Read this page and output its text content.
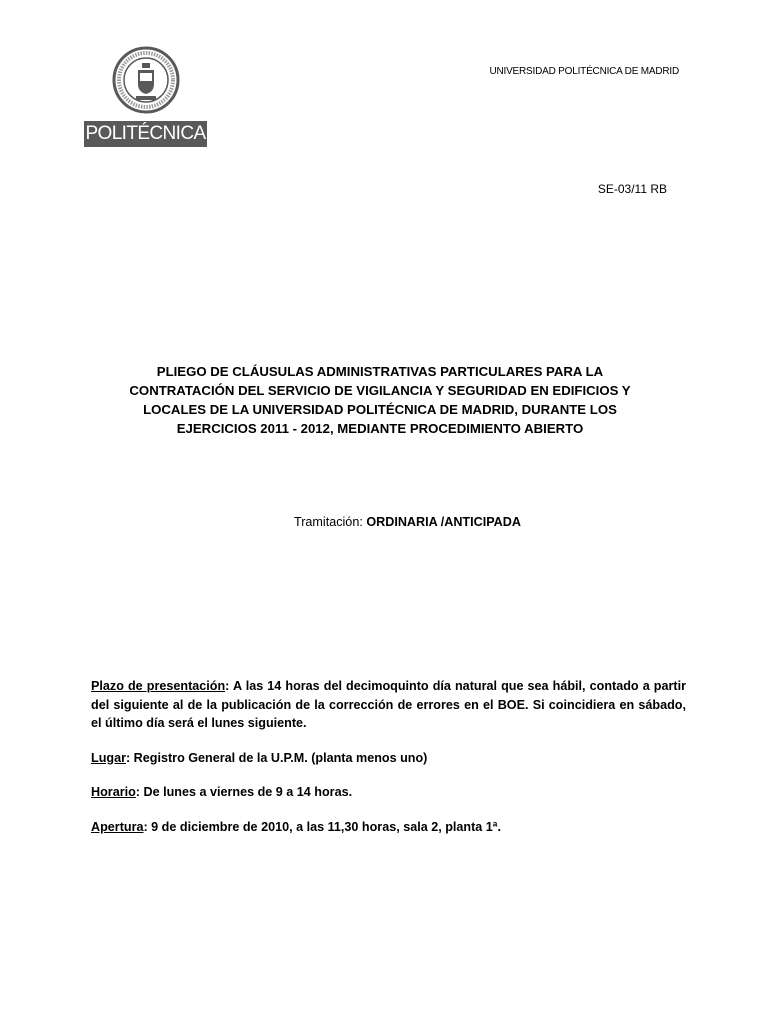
POLITÉCNICA
UNIVERSIDAD POLITÉCNICA DE MADRID
SE-03/11 RB
PLIEGO DE CLÁUSULAS ADMINISTRATIVAS PARTICULARES PARA LA
CONTRATACIÓN DEL SERVICIO DE VIGILANCIA Y SEGURIDAD EN EDIFICIOS Y
LOCALES DE LA UNIVERSIDAD POLITÉCNICA DE MADRID, DURANTE LOS
EJERCICIOS 2011 - 2012, MEDIANTE PROCEDIMIENTO ABIERTO
Tramitación: ORDINARIA /ANTICIPADA

Plazo de presentación: A las 14 horas del decimoquinto día natural que sea hábil, contado a partir del siguiente al de la publicación de la corrección de errores en el BOE. Si coincidiera en sábado, el último día será el lunes siguiente.

Lugar: Registro General de la U.P.M. (planta menos uno)

Horario: De lunes a viernes de 9 a 14 horas.

Apertura: 9 de diciembre de 2010, a las 11,30 horas, sala 2, planta 1ª.
